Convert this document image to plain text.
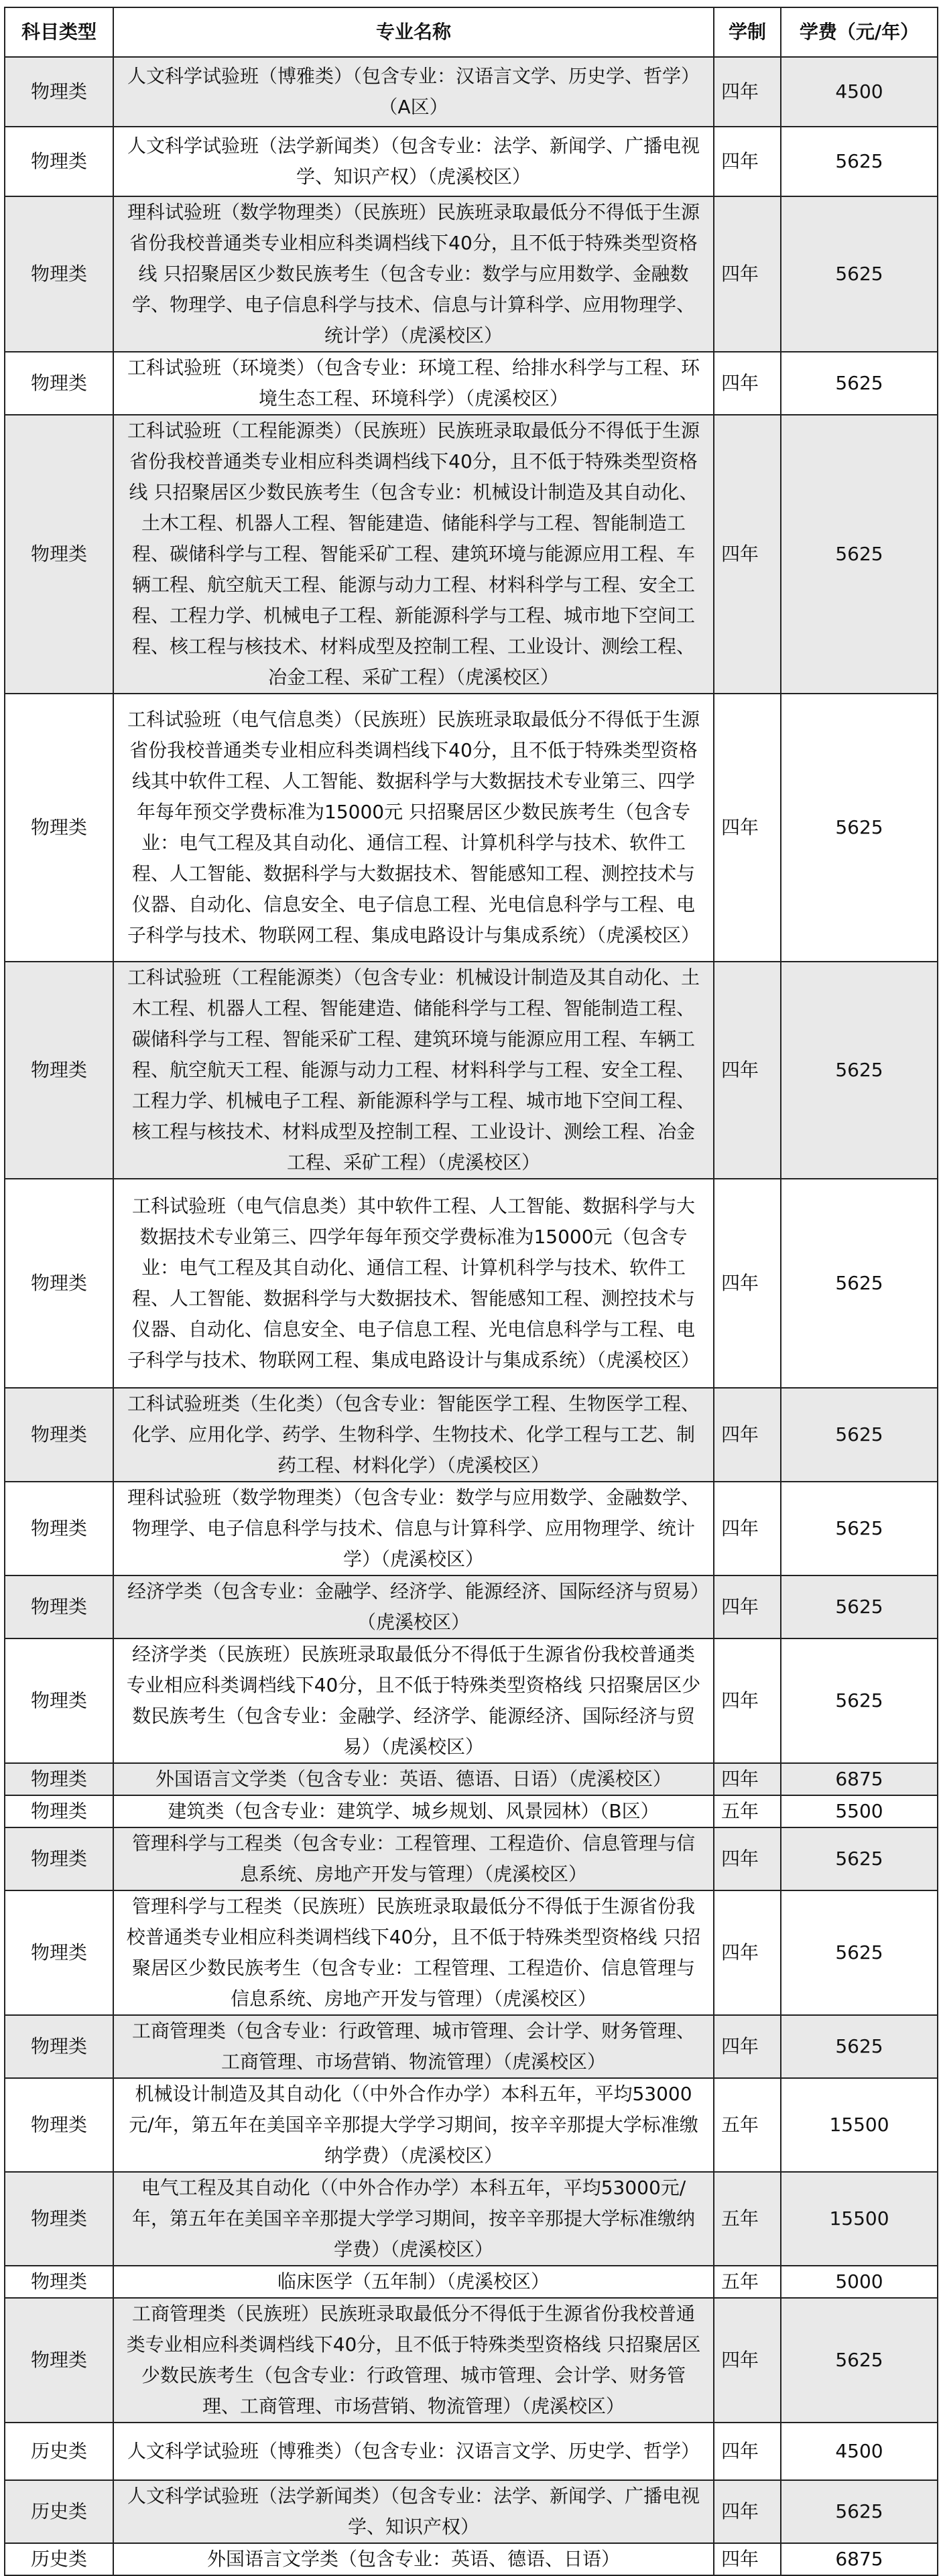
科目类型	专业名称	学制	学费（元/年）
物理类	人文科学试验班（博雅类）（包含专业：汉语言文学、历史学、哲学）（A区）	四年	4500
物理类	人文科学试验班（法学新闻类）（包含专业：法学、新闻学、广播电视学、知识产权）（虎溪校区）	四年	5625
物理类	理科试验班（数学物理类）（民族班）民族班录取最低分不得低于生源省份我校普通类专业相应科类调档线下40分，且不低于特殊类型资格线 只招聚居区少数民族考生（包含专业：数学与应用数学、金融数学、物理学、电子信息科学与技术、信息与计算科学、应用物理学、统计学）（虎溪校区）	四年	5625
物理类	工科试验班（环境类）（包含专业：环境工程、给排水科学与工程、环境生态工程、环境科学）（虎溪校区）	四年	5625
物理类	工科试验班（工程能源类）（民族班）民族班录取最低分不得低于生源省份我校普通类专业相应科类调档线下40分，且不低于特殊类型资格线 只招聚居区少数民族考生（包含专业：机械设计制造及其自动化、土木工程、机器人工程、智能建造、储能科学与工程、智能制造工程、碳储科学与工程、智能采矿工程、建筑环境与能源应用工程、车辆工程、航空航天工程、能源与动力工程、材料科学与工程、安全工程、工程力学、机械电子工程、新能源科学与工程、城市地下空间工程、核工程与核技术、材料成型及控制工程、工业设计、测绘工程、冶金工程、采矿工程）（虎溪校区）	四年	5625
物理类	工科试验班（电气信息类）（民族班）民族班录取最低分不得低于生源省份我校普通类专业相应科类调档线下40分，且不低于特殊类型资格线其中软件工程、人工智能、数据科学与大数据技术专业第三、四学年每年预交学费标准为15000元 只招聚居区少数民族考生（包含专业：电气工程及其自动化、通信工程、计算机科学与技术、软件工程、人工智能、数据科学与大数据技术、智能感知工程、测控技术与仪器、自动化、信息安全、电子信息工程、光电信息科学与工程、电子科学与技术、物联网工程、集成电路设计与集成系统）（虎溪校区）	四年	5625
物理类	工科试验班（工程能源类）（包含专业：机械设计制造及其自动化、土木工程、机器人工程、智能建造、储能科学与工程、智能制造工程、碳储科学与工程、智能采矿工程、建筑环境与能源应用工程、车辆工程、航空航天工程、能源与动力工程、材料科学与工程、安全工程、工程力学、机械电子工程、新能源科学与工程、城市地下空间工程、核工程与核技术、材料成型及控制工程、工业设计、测绘工程、冶金工程、采矿工程）（虎溪校区）	四年	5625
物理类	工科试验班（电气信息类）其中软件工程、人工智能、数据科学与大数据技术专业第三、四学年每年预交学费标准为15000元（包含专业：电气工程及其自动化、通信工程、计算机科学与技术、软件工程、人工智能、数据科学与大数据技术、智能感知工程、测控技术与仪器、自动化、信息安全、电子信息工程、光电信息科学与工程、电子科学与技术、物联网工程、集成电路设计与集成系统）（虎溪校区）	四年	5625
物理类	工科试验班类（生化类）（包含专业：智能医学工程、生物医学工程、化学、应用化学、药学、生物科学、生物技术、化学工程与工艺、制药工程、材料化学）（虎溪校区）	四年	5625
物理类	理科试验班（数学物理类）（包含专业：数学与应用数学、金融数学、物理学、电子信息科学与技术、信息与计算科学、应用物理学、统计学）（虎溪校区）	四年	5625
物理类	经济学类（包含专业：金融学、经济学、能源经济、国际经济与贸易）（虎溪校区）	四年	5625
物理类	经济学类（民族班）民族班录取最低分不得低于生源省份我校普通类专业相应科类调档线下40分，且不低于特殊类型资格线 只招聚居区少数民族考生（包含专业：金融学、经济学、能源经济、国际经济与贸易）（虎溪校区）	四年	5625
物理类	外国语言文学类（包含专业：英语、德语、日语）（虎溪校区）	四年	6875
物理类	建筑类（包含专业：建筑学、城乡规划、风景园林）（B区）	五年	5500
物理类	管理科学与工程类（包含专业：工程管理、工程造价、信息管理与信息系统、房地产开发与管理）（虎溪校区）	四年	5625
物理类	管理科学与工程类（民族班）民族班录取最低分不得低于生源省份我校普通类专业相应科类调档线下40分，且不低于特殊类型资格线 只招聚居区少数民族考生（包含专业：工程管理、工程造价、信息管理与信息系统、房地产开发与管理）（虎溪校区）	四年	5625
物理类	工商管理类（包含专业：行政管理、城市管理、会计学、财务管理、工商管理、市场营销、物流管理）（虎溪校区）	四年	5625
物理类	机械设计制造及其自动化（（中外合作办学）本科五年，平均53000元/年，第五年在美国辛辛那提大学学习期间，按辛辛那提大学标准缴纳学费）（虎溪校区）	五年	15500
物理类	电气工程及其自动化（（中外合作办学）本科五年，平均53000元/年，第五年在美国辛辛那提大学学习期间，按辛辛那提大学标准缴纳学费）（虎溪校区）	五年	15500
物理类	临床医学（五年制）（虎溪校区）	五年	5000
物理类	工商管理类（民族班）民族班录取最低分不得低于生源省份我校普通类专业相应科类调档线下40分，且不低于特殊类型资格线 只招聚居区少数民族考生（包含专业：行政管理、城市管理、会计学、财务管理、工商管理、市场营销、物流管理）（虎溪校区）	四年	5625
历史类	人文科学试验班（博雅类）（包含专业：汉语言文学、历史学、哲学）	四年	4500
历史类	人文科学试验班（法学新闻类）（包含专业：法学、新闻学、广播电视学、知识产权）	四年	5625
历史类	外国语言文学类（包含专业：英语、德语、日语）	四年	6875
